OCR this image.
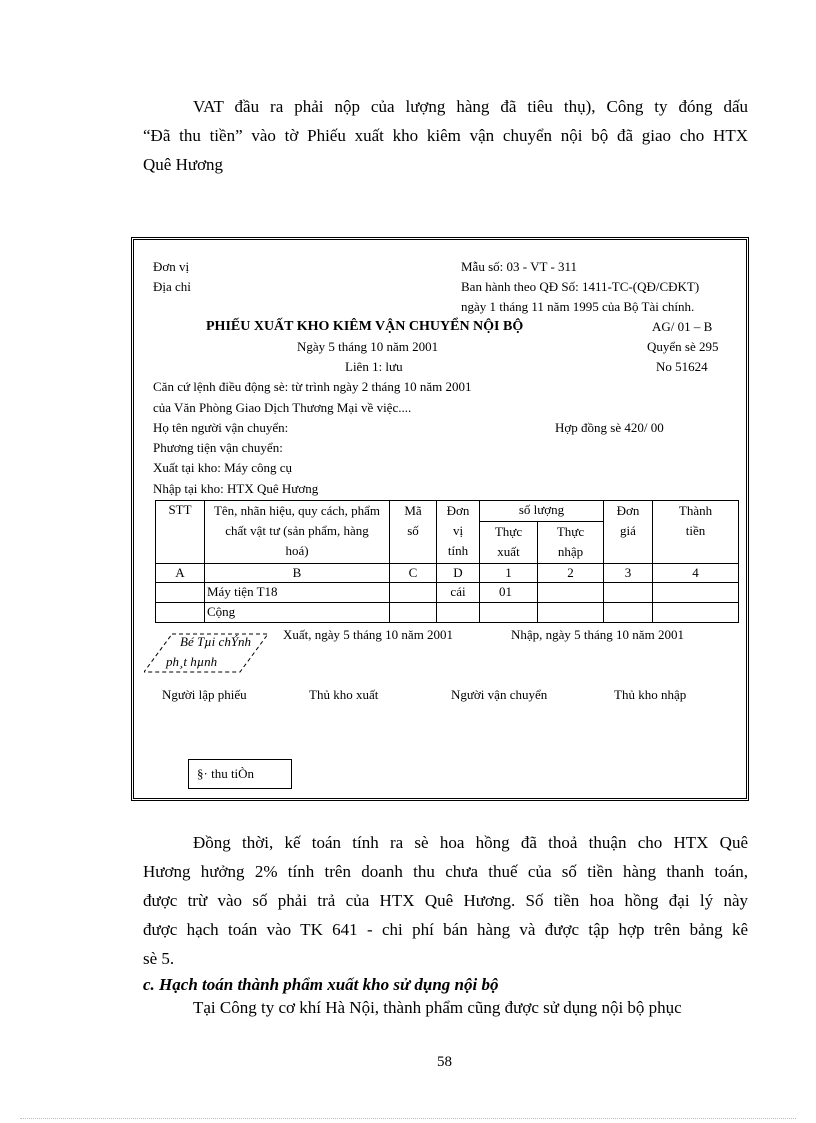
VAT đầu ra phải nộp của lượng hàng đã tiêu thụ), Công ty đóng dấu
“Đã thu tiền” vào tờ Phiếu xuất kho kiêm vận chuyển nội bộ đã giao cho HTX
Quê Hương
Đơn vị
Địa chỉ
Mẫu số: 03 - VT - 311
Ban hành theo QĐ Số: 1411-TC-(QĐ/CĐKT)
ngày 1 tháng 11 năm 1995 của Bộ Tài chính.
PHIẾU XUẤT KHO KIÊM VẬN CHUYỂN NỘI BỘ	AG/ 01 – B
Ngày 5 tháng 10 năm 2001	Quyển sè 295
Liên 1: lưu	No 51624
Căn cứ lệnh điều động sè: từ trình ngày 2 tháng 10 năm 2001
của Văn Phòng Giao Dịch Thương Mại về việc....
Họ tên người vận chuyển:	Hợp đồng sè 420/ 00
Phương tiện vận chuyển:
Xuất tại kho: Máy công cụ
Nhập tại kho: HTX Quê Hương
STT	Tên, nhãn hiệu, quy cách, phẩm chất vật tư (sản phẩm, hàng hoá)	Mã số	Đơn vị tính	số lượng		Đơn giá	Thành tiền
				Thực xuất	Thực nhập		
A	B	C	D	1	2	3	4
	Máy tiện T18		cái	01			
	Cộng						
Bé Tµi chÝnh
ph¸t hµnh
Xuất, ngày 5 tháng 10 năm 2001	Nhập, ngày 5 tháng 10 năm 2001
Người lập phiếu	Thủ kho xuất	Người vận chuyển	Thủ kho nhập
§· thu tiÒn
Đồng thời, kế toán tính ra sè hoa hồng đã thoả thuận cho HTX Quê
Hương hưởng 2% tính trên doanh thu chưa thuế của số tiền hàng thanh toán,
được trừ vào số phải trả của HTX Quê Hương. Số tiền hoa hồng đại lý này
được hạch toán vào TK 641 - chi phí bán hàng và được tập hợp trên bảng kê
sè 5.
c. Hạch toán thành phẩm xuất kho sử dụng nội bộ
Tại Công ty cơ khí Hà Nội, thành phẩm cũng được sử dụng nội bộ phục
58
